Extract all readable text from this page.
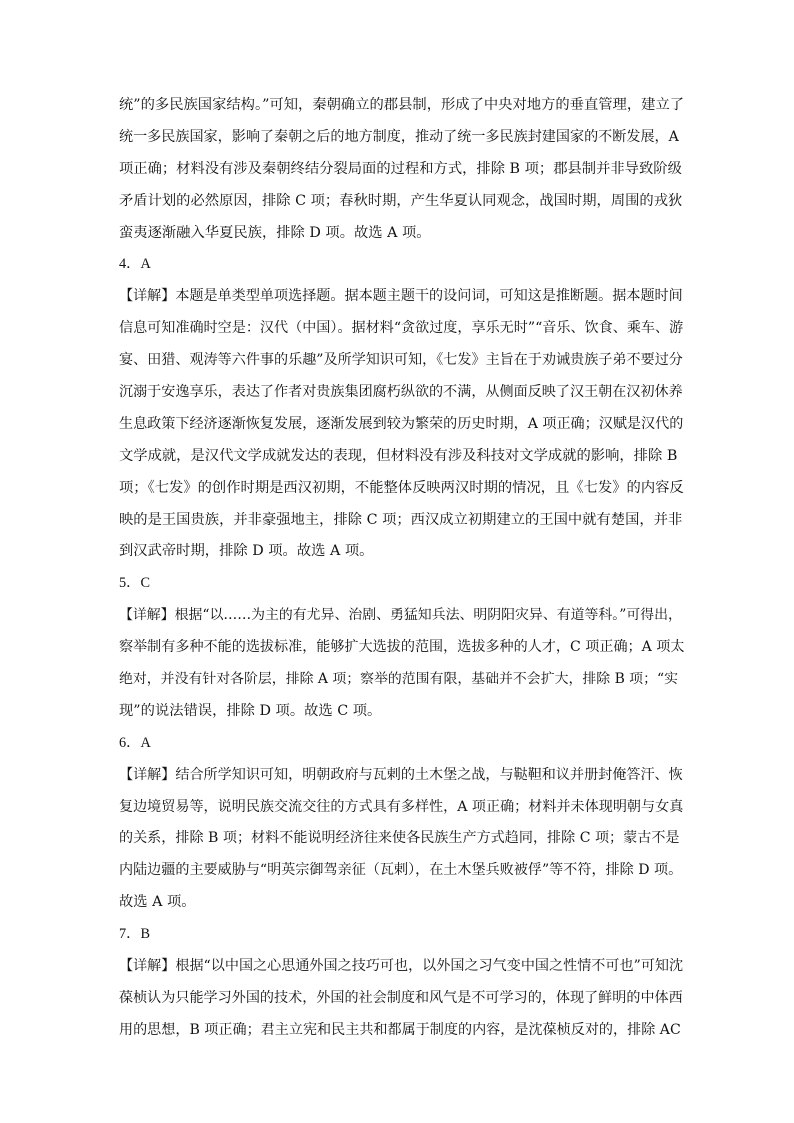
统”的多民族国家结构。”可知，秦朝确立的郡县制，形成了中央对地方的垂直管理，建立了
统一多民族国家，影响了秦朝之后的地方制度，推动了统一多民族封建国家的不断发展，A
项正确；材料没有涉及秦朝终结分裂局面的过程和方式，排除 B 项；郡县制并非导致阶级
矛盾计划的必然原因，排除 C 项；春秋时期，产生华夏认同观念，战国时期，周围的戎狄
蛮夷逐渐融入华夏民族，排除 D 项。故选 A 项。
4．A
【详解】本题是单类型单项选择题。据本题主题干的设问词，可知这是推断题。据本题时间
信息可知准确时空是：汉代（中国）。据材料“贪欲过度，享乐无时”“音乐、饮食、乘车、游
宴、田猎、观涛等六件事的乐趣”及所学知识可知，《七发》主旨在于劝诫贵族子弟不要过分
沉溺于安逸享乐，表达了作者对贵族集团腐朽纵欲的不满，从侧面反映了汉王朝在汉初休养
生息政策下经济逐渐恢复发展，逐渐发展到较为繁荣的历史时期，A 项正确；汉赋是汉代的
文学成就，是汉代文学成就发达的表现，但材料没有涉及科技对文学成就的影响，排除 B
项；《七发》的创作时期是西汉初期，不能整体反映两汉时期的情况，且《七发》的内容反
映的是王国贵族，并非豪强地主，排除 C 项；西汉成立初期建立的王国中就有楚国，并非
到汉武帝时期，排除 D 项。故选 A 项。
5．C
【详解】根据“以……为主的有尤异、治剧、勇猛知兵法、明阴阳灾异、有道等科。”可得出，
察举制有多种不能的选拔标准，能够扩大选拔的范围，选拔多种的人才，C 项正确；A 项太
绝对，并没有针对各阶层，排除 A 项；察举的范围有限，基础并不会扩大，排除 B 项；“实
现”的说法错误，排除 D 项。故选 C 项。
6．A
【详解】结合所学知识可知，明朝政府与瓦剌的土木堡之战，与鞑靼和议并册封俺答汗、恢
复边境贸易等，说明民族交流交往的方式具有多样性，A 项正确；材料并未体现明朝与女真
的关系，排除 B 项；材料不能说明经济往来使各民族生产方式趋同，排除 C 项；蒙古不是
内陆边疆的主要威胁与“明英宗御驾亲征（瓦剌），在土木堡兵败被俘”等不符，排除 D 项。
故选 A 项。
7．B
【详解】根据“以中国之心思通外国之技巧可也，以外国之习气变中国之性情不可也”可知沈
葆桢认为只能学习外国的技术，外国的社会制度和风气是不可学习的，体现了鲜明的中体西
用的思想，B 项正确；君主立宪和民主共和都属于制度的内容，是沈葆桢反对的，排除 AC
